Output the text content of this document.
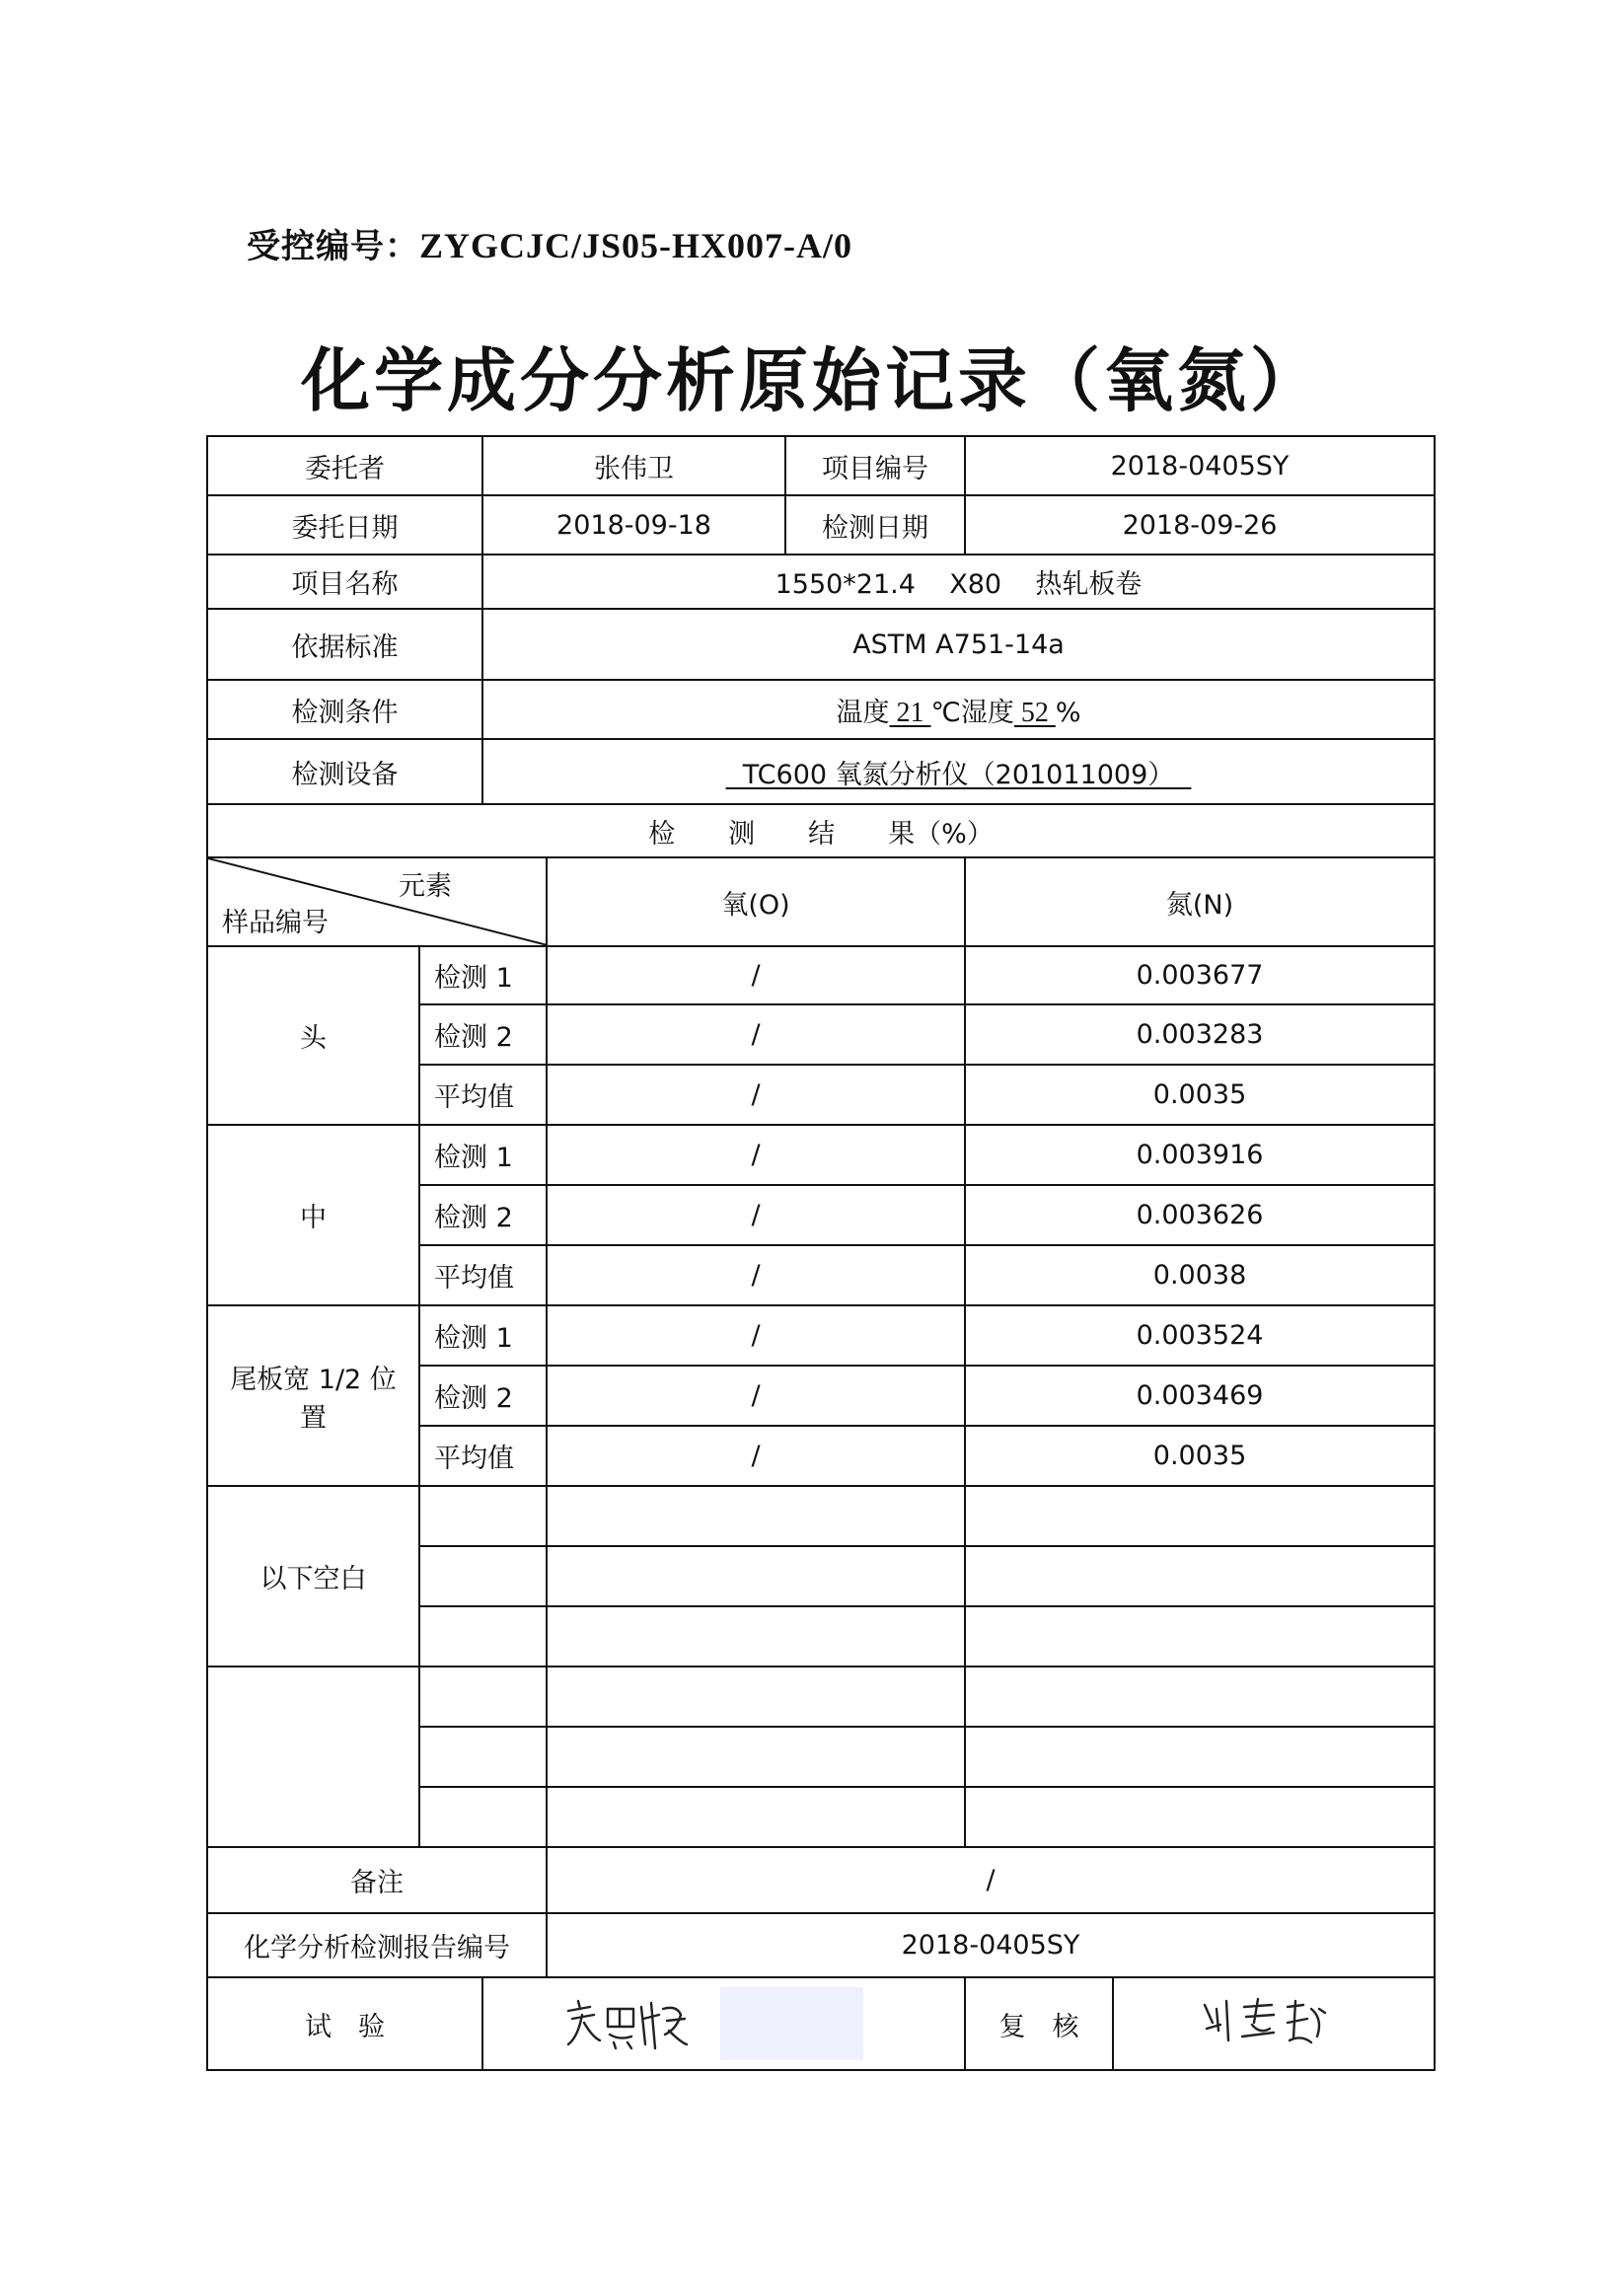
受控编号：ZYGCJC/JS05-HX007-A/0
化学成分分析原始记录（氧氮）
委托者		张伟卫		项目编号	2018-0405SY	
委托日期		2018-09-18		检测日期	2018-09-26	
项目名称		1550*21.4    X80    热轧板卷				
依据标准		ASTM A751-14a				
检测条件		温度 21 ℃湿度 52 %				
检测设备		TC600 氧氮分析仪（201011009）				
检　　测　　结　　果（%）						

元素
样品编号			氧(O)		氮(N)	
头	检测 1		/		0.003677	
	检测 2		/		0.003283	
	平均值		/		0.0035	
中	检测 1		/		0.003916	
	检测 2		/		0.003626	
	平均值		/		0.0038	
尾板宽 1/2 位置	检测 1		/		0.003524	
	检测 2		/		0.003469	
	平均值		/		0.0035	
以下空白						

备注			/			
化学分析检测报告编号			2018-0405SY			
试　验					复　核	
